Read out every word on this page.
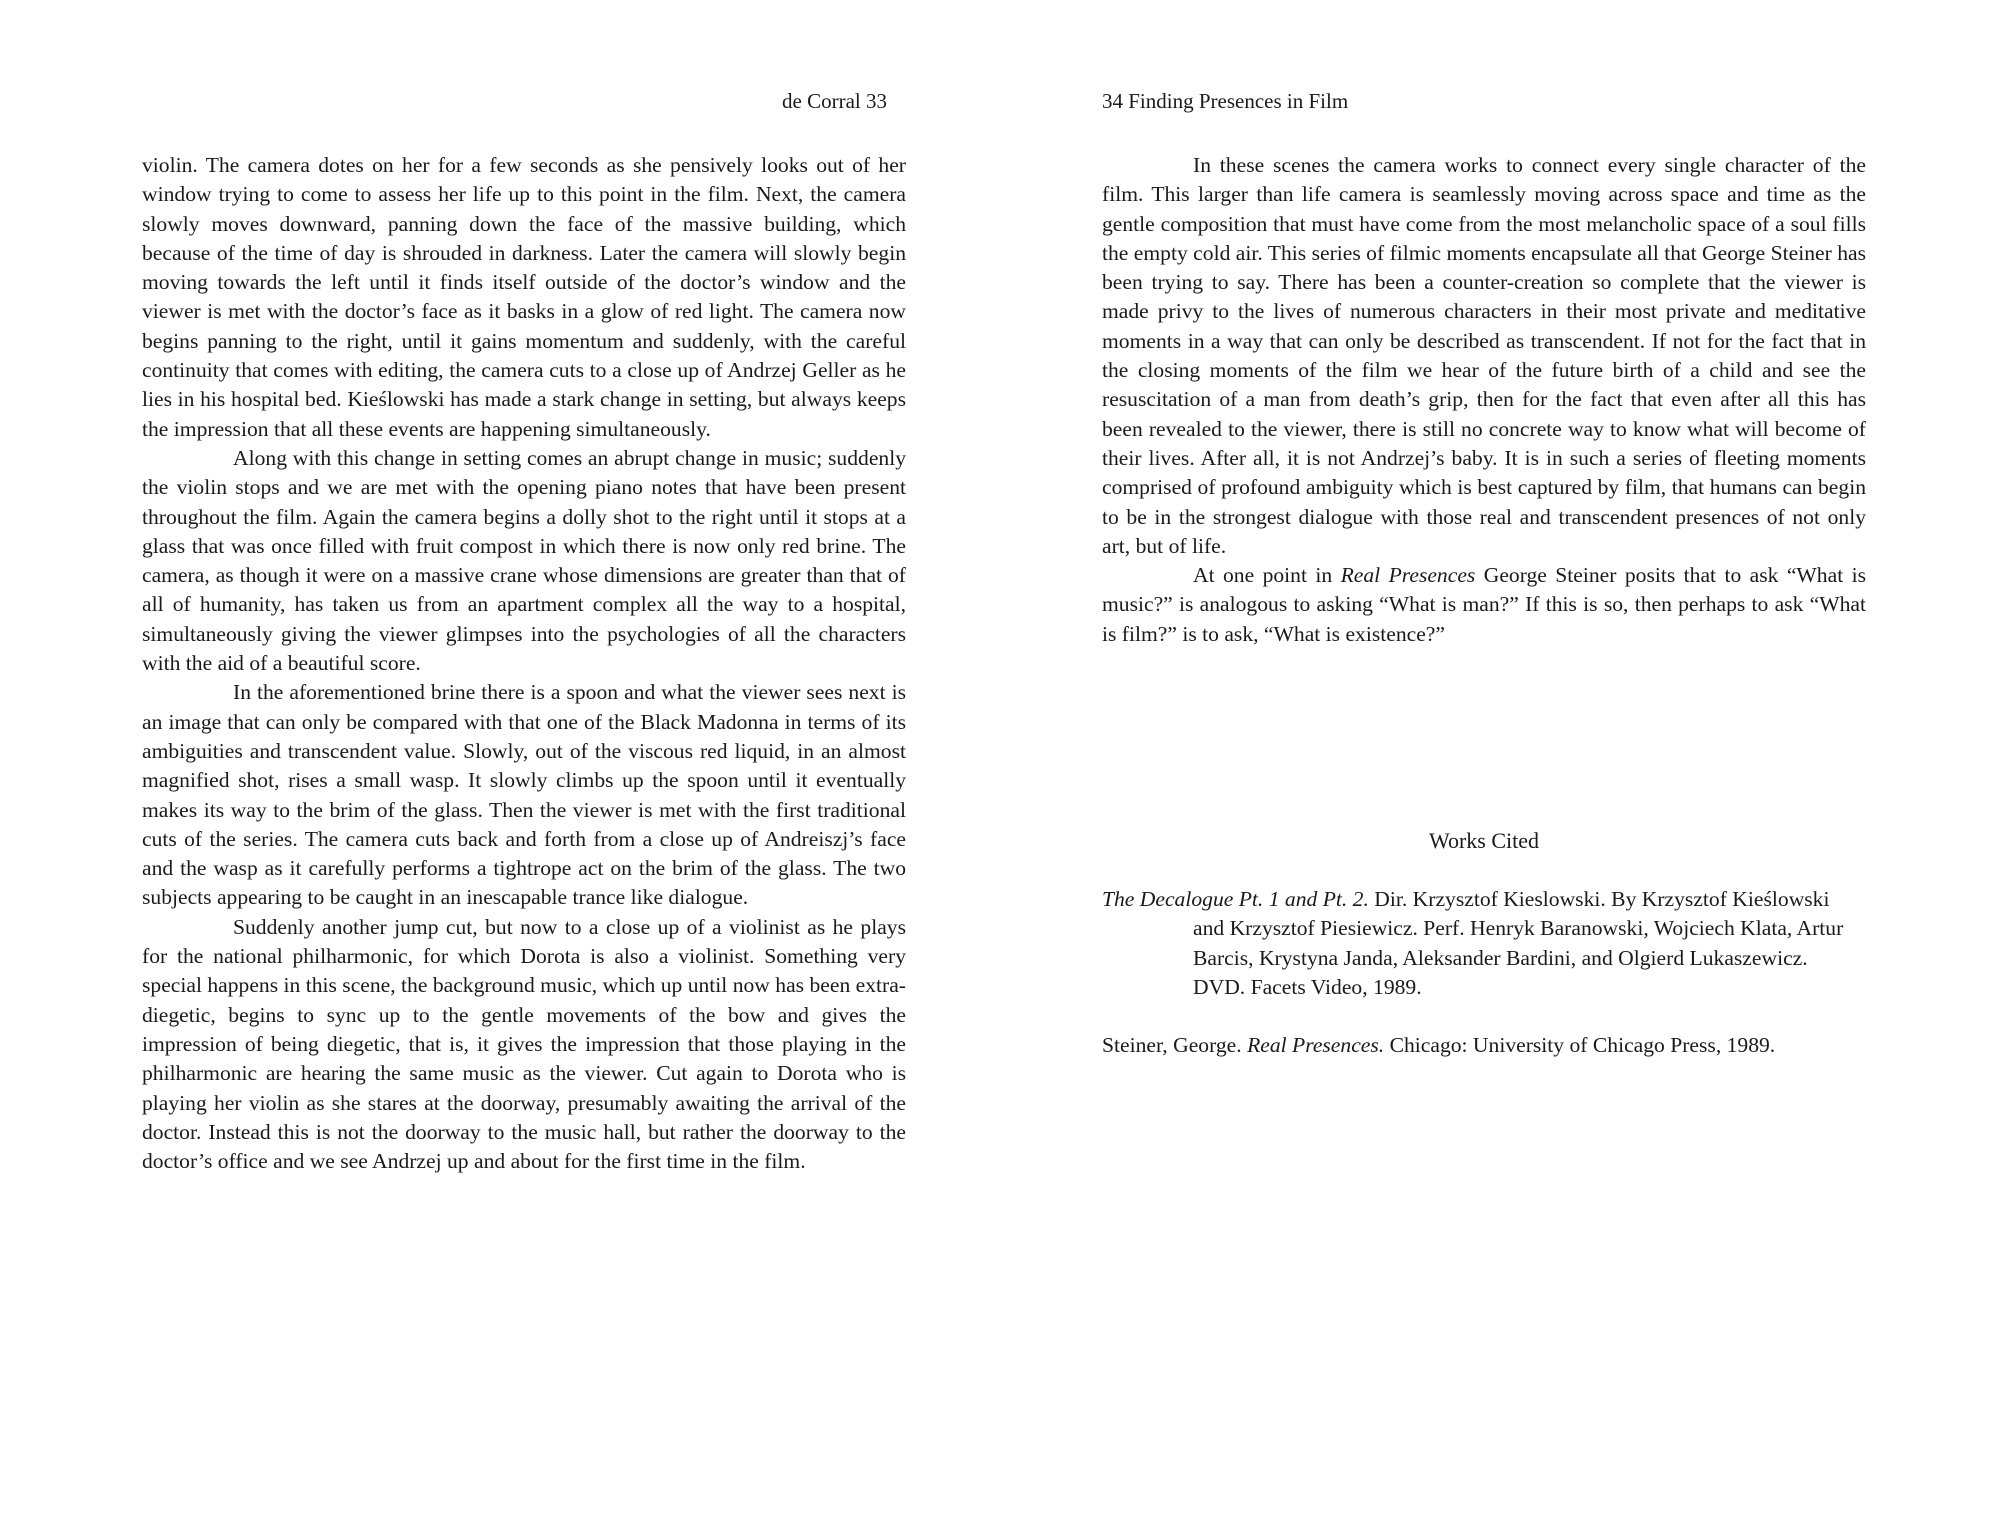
de Corral 33

violin. The camera dotes on her for a few seconds as she pensively looks out of her window trying to come to assess her life up to this point in the film. Next, the camera slowly moves downward, panning down the face of the massive building, which because of the time of day is shrouded in darkness. Later the camera will slowly begin moving towards the left until it finds itself outside of the doctor’s window and the viewer is met with the doctor’s face as it basks in a glow of red light. The camera now begins panning to the right, until it gains momentum and suddenly, with the careful continuity that comes with editing, the camera cuts to a close up of Andrzej Geller as he lies in his hospital bed. Kieślowski has made a stark change in setting, but always keeps the impression that all these events are happening simultaneously.

Along with this change in setting comes an abrupt change in music; suddenly the violin stops and we are met with the opening piano notes that have been present throughout the film. Again the camera begins a dolly shot to the right until it stops at a glass that was once filled with fruit compost in which there is now only red brine. The camera, as though it were on a massive crane whose dimensions are greater than that of all of humanity, has taken us from an apartment complex all the way to a hospital, simultaneously giving the viewer glimpses into the psychologies of all the characters with the aid of a beautiful score.

In the aforementioned brine there is a spoon and what the viewer sees next is an image that can only be compared with that one of the Black Madonna in terms of its ambiguities and transcendent value. Slowly, out of the viscous red liquid, in an almost magnified shot, rises a small wasp. It slowly climbs up the spoon until it eventually makes its way to the brim of the glass. Then the viewer is met with the first traditional cuts of the series. The camera cuts back and forth from a close up of Andreiszj’s face and the wasp as it carefully performs a tightrope act on the brim of the glass. The two subjects appearing to be caught in an inescapable trance like dialogue.

Suddenly another jump cut, but now to a close up of a violinist as he plays for the national philharmonic, for which Dorota is also a violinist. Something very special happens in this scene, the background music, which up until now has been extra-diegetic, begins to sync up to the gentle movements of the bow and gives the impression of being diegetic, that is, it gives the impression that those playing in the philharmonic are hearing the same music as the viewer. Cut again to Dorota who is playing her violin as she stares at the doorway, presumably awaiting the arrival of the doctor. Instead this is not the doorway to the music hall, but rather the doorway to the doctor’s office and we see Andrzej up and about for the first time in the film.

34 Finding Presences in Film

In these scenes the camera works to connect every single character of the film. This larger than life camera is seamlessly moving across space and time as the gentle composition that must have come from the most melancholic space of a soul fills the empty cold air. This series of filmic moments encapsulate all that George Steiner has been trying to say. There has been a counter-creation so complete that the viewer is made privy to the lives of numerous characters in their most private and meditative moments in a way that can only be described as transcendent. If not for the fact that in the closing moments of the film we hear of the future birth of a child and see the resuscitation of a man from death’s grip, then for the fact that even after all this has been revealed to the viewer, there is still no concrete way to know what will become of their lives. After all, it is not Andrzej’s baby. It is in such a series of fleeting moments comprised of profound ambiguity which is best captured by film, that humans can begin to be in the strongest dialogue with those real and transcendent presences of not only art, but of life.

At one point in Real Presences George Steiner posits that to ask “What is music?” is analogous to asking “What is man?” If this is so, then perhaps to ask “What is film?” is to ask, “What is existence?”

Works Cited
The Decalogue Pt. 1 and Pt. 2. Dir. Krzysztof Kieslowski. By Krzysztof Kieślowski and Krzysztof Piesiewicz. Perf. Henryk Baranowski, Wojciech Klata, Artur Barcis, Krystyna Janda, Aleksander Bardini, and Olgierd Lukaszewicz. DVD. Facets Video, 1989.
Steiner, George. Real Presences. Chicago: University of Chicago Press, 1989.
